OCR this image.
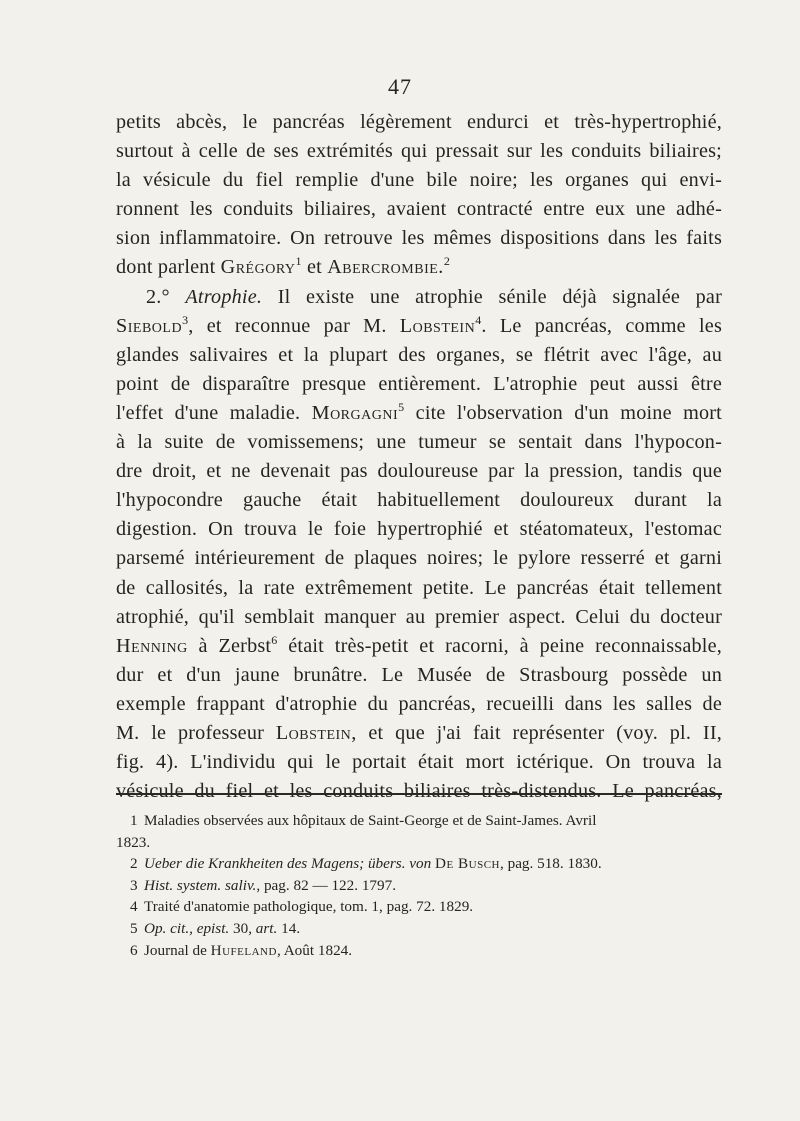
47
petits abcès, le pancréas légèrement endurci et très-hypertrophié,
surtout à celle de ses extrémités qui pressait sur les conduits biliaires;
la vésicule du fiel remplie d'une bile noire; les organes qui envi-
ronnent les conduits biliaires, avaient contracté entre eux une adhé-
sion inflammatoire. On retrouve les mêmes dispositions dans les faits
dont parlent Grégory$^1$ et Abercrombie.$^2$
2.° Atrophie. Il existe une atrophie sénile déjà signalée par
Siebold$^3$, et reconnue par M. Lobstein$^4$. Le pancréas, comme les
glandes salivaires et la plupart des organes, se flétrit avec l'âge, au
point de disparaître presque entièrement. L'atrophie peut aussi être
l'effet d'une maladie. Morgagni$^5$ cite l'observation d'un moine mort
à la suite de vomissemens; une tumeur se sentait dans l'hypocon-
dre droit, et ne devenait pas douloureuse par la pression, tandis que
l'hypocondre gauche était habituellement douloureux durant la
digestion. On trouva le foie hypertrophié et stéatomateux, l'estomac
parsemé intérieurement de plaques noires; le pylore resserré et garni
de callosités, la rate extrêmement petite. Le pancréas était tellement
atrophié, qu'il semblait manquer au premier aspect. Celui du docteur
Henning à Zerbst$^6$ était très-petit et racorni, à peine reconnaissable,
dur et d'un jaune brunâtre. Le Musée de Strasbourg possède un
exemple frappant d'atrophie du pancréas, recueilli dans les salles de
M. le professeur Lobstein, et que j'ai fait représenter (voy. pl. II,
fig. 4). L'individu qui le portait était mort ictérique. On trouva la
vésicule du fiel et les conduits biliaires très-distendus. Le pancréas,
1 Maladies observées aux hôpitaux de Saint-George et de Saint-James. Avril
1823.
2 Ueber die Krankheiten des Magens; übers. von De Busch, pag. 518. 1830.
3 Hist. system. saliv., pag. 82 — 122. 1797.
4 Traité d'anatomie pathologique, tom. 1, pag. 72. 1829.
5 Op. cit., epist. 30, art. 14.
6 Journal de Hufeland, Août 1824.
